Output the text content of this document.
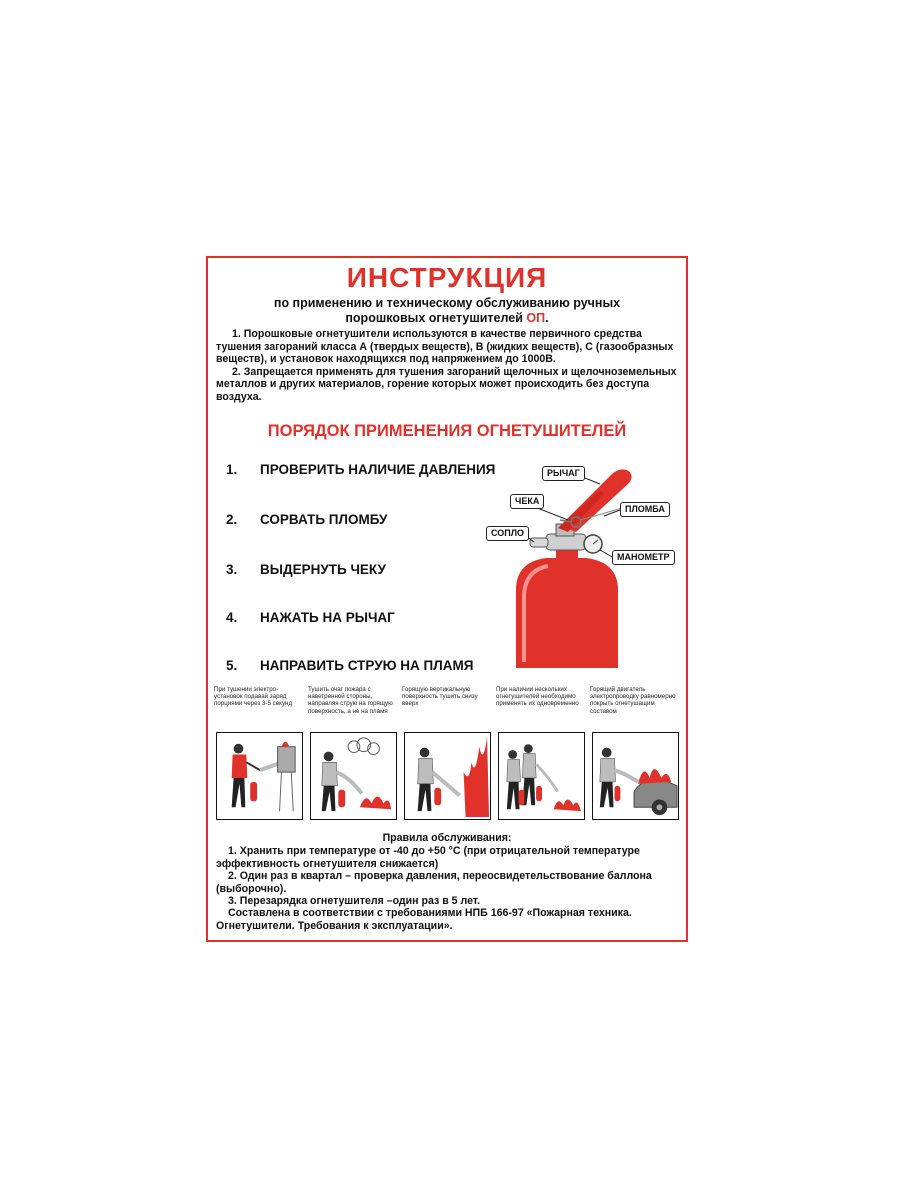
ИНСТРУКЦИЯ
по применению и техническому обслуживанию ручных
порошковых огнетушителей ОП.

1. Порошковые огнетушители используются в качестве первичного средства тушения загораний класса А (твердых веществ), В (жидких веществ), С (газообразных веществ), и установок находящихся под напряжением до 1000В.

2. Запрещается применять для тушения загораний щелочных и щелочноземельных металлов и других материалов, горение которых может происходить без доступа воздуха.

ПОРЯДОК ПРИМЕНЕНИЯ ОГНЕТУШИТЕЛЕЙ
1. ПРОВЕРИТЬ НАЛИЧИЕ ДАВЛЕНИЯ
2. СОРВАТЬ ПЛОМБУ
3. ВЫДЕРНУТЬ ЧЕКУ
4. НАЖАТЬ НА РЫЧАГ
5. НАПРАВИТЬ СТРУЮ НА ПЛАМЯ
РЫЧАГ
ЧЕКА
ПЛОМБА
СОПЛО
МАНОМЕТР
При тушении электро-установок подавай заряд порциями через 3-5 секунд
Тушить очаг пожара с наветренной стороны, направляя струю на горящую поверхность, а не на пламя
Горящую вертикальную поверхность тушить снизу вверх
При наличии нескольких огнетушителей необходимо применять их одновременно
Горящий двигатель электропроводку равномерно покрыть огнетушащим составом
Правила обслуживания:

1. Хранить при температуре от -40 до +50 °С (при отрицательной температуре эффективность огнетушителя снижается)

2. Один раз в квартал – проверка давления, переосвидетельствование баллона (выборочно).

3. Перезарядка огнетушителя –один раз в 5 лет.

Составлена в соответствии с требованиями НПБ 166-97 «Пожарная техника. Огнетушители. Требования к эксплуатации».
